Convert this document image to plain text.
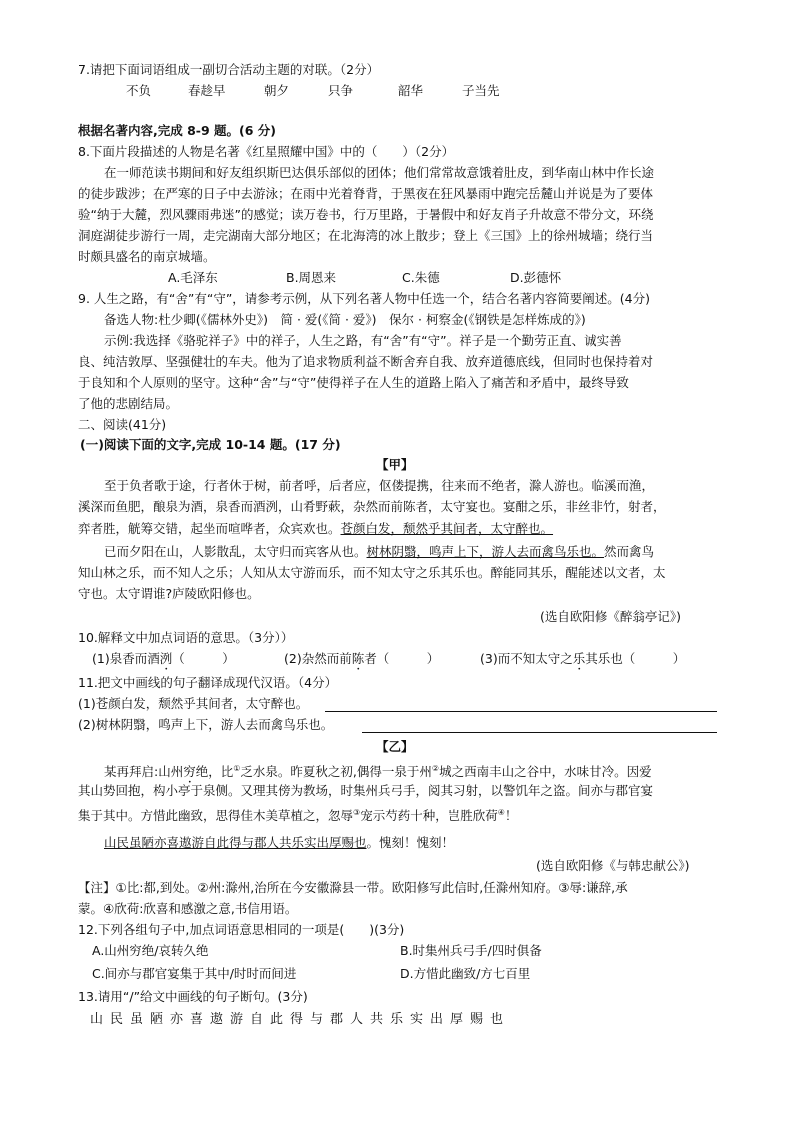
7.请把下面词语组成一副切合活动主题的对联。（2分）
不负	春趁早	朝夕	只争	韶华	子当先
根据名著内容,完成 8-9 题。(6 分)
8.下面片段描述的人物是名著《红星照耀中国》中的（　　）（2分）
在一师范读书期间和好友组织斯巴达俱乐部似的团体；他们常常故意饿着肚皮，到华南山林中作长途
的徒步跋涉；在严寒的日子中去游泳；在雨中光着脊背，于黑夜在狂风暴雨中跑完岳麓山并说是为了要体
验“纳于大麓，烈风骤雨弗迷”的感觉；读万卷书，行万里路，于暑假中和好友肖子升故意不带分文，环绕
洞庭湖徒步游行一周，走完湖南大部分地区；在北海湾的冰上散步；登上《三国》上的徐州城墙；绕行当
时颇具盛名的南京城墙。
A.毛泽东	B.周恩来	C.朱德	D.彭德怀
9. 人生之路，有“舍”有“守”，请参考示例，从下列名著人物中任选一个，结合名著内容简要阐述。(4分)
备选人物:杜少卿(《儒林外史》)　简 · 爱(《简 · 爱》)　保尔 · 柯察金(《钢铁是怎样炼成的》)
示例:我选择《骆驼祥子》中的祥子，人生之路，有“舍”有“守”。祥子是一个勤劳正直、诚实善
良、纯洁敦厚、坚强健壮的车夫。他为了追求物质利益不断舍弃自我、放弃道德底线，但同时也保持着对
于良知和个人原则的坚守。这种“舍”与“守”使得祥子在人生的道路上陷入了痛苦和矛盾中，最终导致
了他的悲剧结局。
二、阅读(41分)
(一)阅读下面的文字,完成 10-14 题。(17 分)
【甲】
至于负者歌于途，行者休于树，前者呼，后者应，伛偻提携，往来而不绝者，滁人游也。临溪而渔，
溪深而鱼肥，酿泉为酒，泉香而酒洌，山肴野蔌，杂然而前陈者，太守宴也。宴酣之乐，非丝非竹，射者，
弈者胜，觥筹交错，起坐而喧哗者，众宾欢也。苍颜白发，颓然乎其间者，太守醉也。
已而夕阳在山，人影散乱，太守归而宾客从也。树林阴翳，鸣声上下，游人去而禽鸟乐也。然而禽鸟
知山林之乐，而不知人之乐；人知从太守游而乐，而不知太守之乐其乐也。醉能同其乐，醒能述以文者，太
守也。太守谓谁?庐陵欧阳修也。
(选自欧阳修《醉翁亭记》)
10.解释文中加点词语的意思。（3分））
(1)泉香而酒洌（　　　）	(2)杂然而前陈者（　　　）	(3)而不知太守之乐其乐也（　　　）
11.把文中画线的句子翻译成现代汉语。（4分）
(1)苍颜白发，颓然乎其间者，太守醉也。
(2)树林阴翳，鸣声上下，游人去而禽鸟乐也。
【乙】
某再拜启:山州穷绝，比①乏水泉。昨夏秋之初,偶得一泉于州②城之西南丰山之谷中，水味甘冷。因爱
其山势回抱，构小亭于泉侧。又理其傍为教场，时集州兵弓手，阅其习射，以警饥年之盗。间亦与郡官宴
集于其中。方惜此幽致，思得佳木美草植之，忽辱③宠示芍药十种，岂胜欣荷④！
山民虽陋亦喜遨游自此得与郡人共乐实出厚赐也。愧刻！愧刻！
(选自欧阳修《与韩忠献公》)
【注】①比:都,到处。②州:滁州,治所在今安徽滁县一带。欧阳修写此信时,任滁州知府。③辱:谦辞,承
蒙。④欣荷:欣喜和感激之意,书信用语。
12.下列各组句子中,加点词语意思相同的一项是(　　)(3分)
A.山州穷绝/哀转久绝	B.时集州兵弓手/四时俱备
C.间亦与郡官宴集于其中/时时而间进	D.方惜此幽致/方七百里
13.请用“/”给文中画线的句子断句。(3分)
山民虽陋亦喜遨游自此得与郡人共乐实出厚赐也
